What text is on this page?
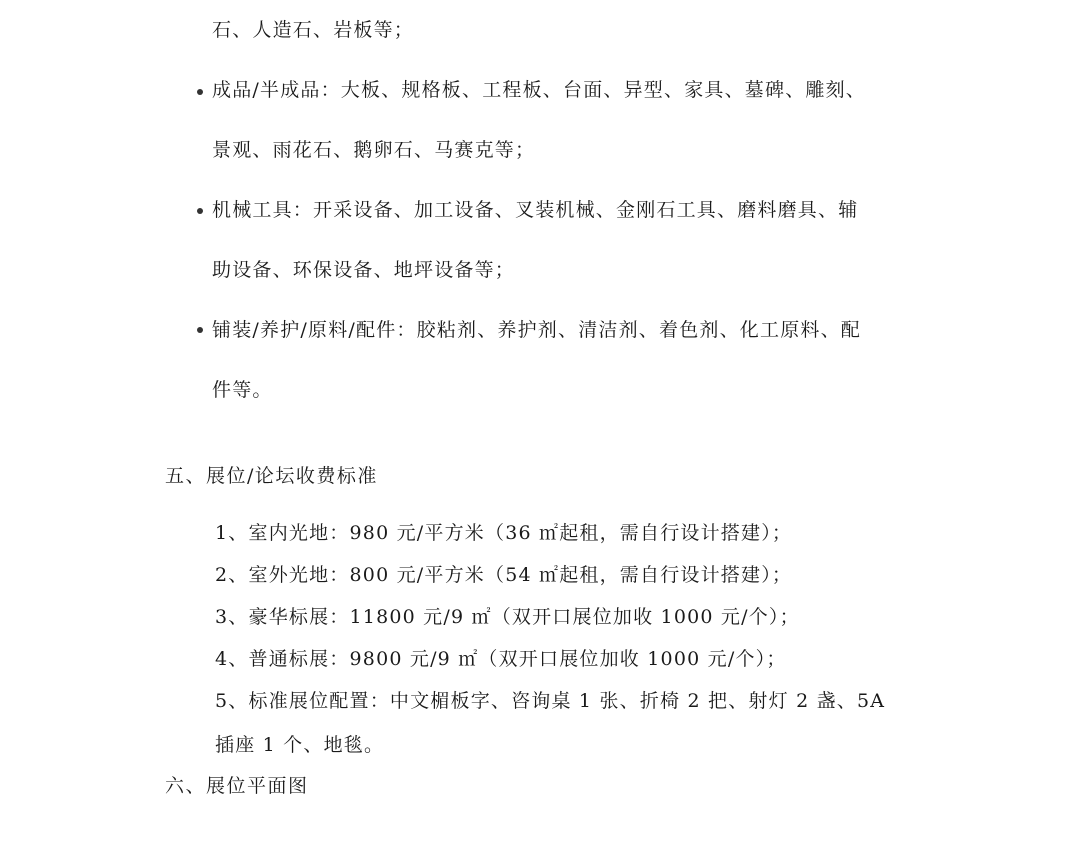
石、人造石、岩板等；
成品/半成品：大板、规格板、工程板、台面、异型、家具、墓碑、雕刻、
景观、雨花石、鹅卵石、马赛克等；
机械工具：开采设备、加工设备、叉装机械、金刚石工具、磨料磨具、辅
助设备、环保设备、地坪设备等；
铺装/养护/原料/配件：胶粘剂、养护剂、清洁剂、着色剂、化工原料、配
件等。
五、展位/论坛收费标准
1、室内光地：980 元/平方米（36 ㎡起租，需自行设计搭建）；
2、室外光地：800 元/平方米（54 ㎡起租，需自行设计搭建）；
3、豪华标展：11800 元/9 ㎡（双开口展位加收 1000 元/个）；
4、普通标展：9800 元/9 ㎡（双开口展位加收 1000 元/个）；
5、标准展位配置：中文楣板字、咨询桌 1 张、折椅 2 把、射灯 2 盏、5A
插座 1 个、地毯。
六、展位平面图
